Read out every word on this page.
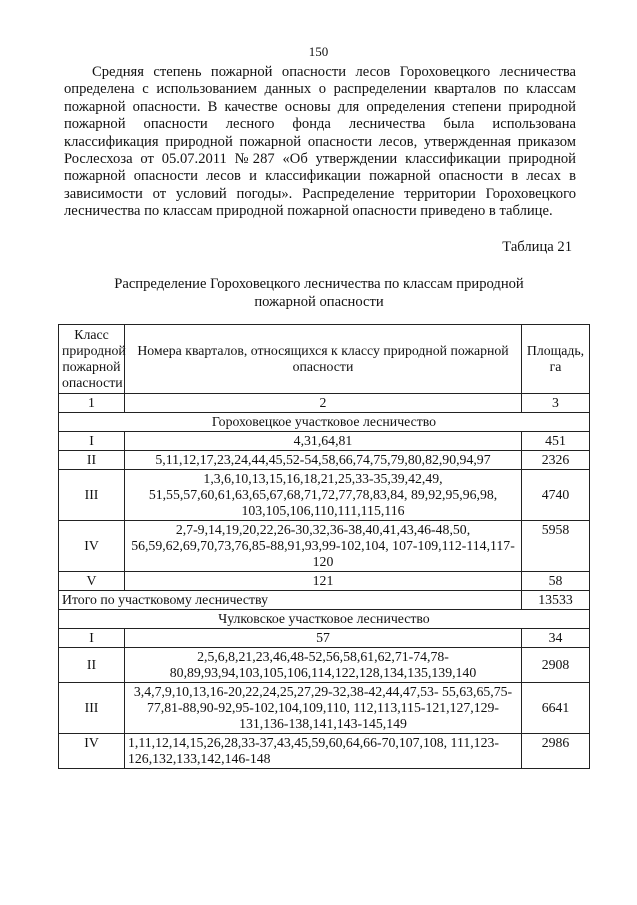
150

Средняя степень пожарной опасности лесов Гороховецкого лесничества определена с использованием данных о распределении кварталов по классам пожарной опасности. В качестве основы для определения степени природной пожарной опасности лесного фонда лесничества была использована классификация природной пожарной опасности лесов, утвержденная приказом Рослесхоза от 05.07.2011 №287 «Об утверждении классификации природной пожарной опасности лесов и классификации пожарной опасности в лесах в зависимости от условий погоды». Распределение территории Гороховецкого лесничества по классам природной пожарной опасности приведено в таблице.

Таблица 21
Распределение Гороховецкого лесничества по классам природной
пожарной опасности
Класс природной пожарной опасности	Номера кварталов, относящихся к классу природной пожарной опасности	Площадь, га
1	2	3
Гороховецкое участковое лесничество		
I	4,31,64,81	451
II	5,11,12,17,23,24,44,45,52-54,58,66,74,75,79,80,82,90,94,97	2326
III	1,3,6,10,13,15,16,18,21,25,33-35,39,42,49, 51,55,57,60,61,63,65,67,68,71,72,77,78,83,84, 89,92,95,96,98, 103,105,106,110,111,115,116	4740
IV	2,7-9,14,19,20,22,26-30,32,36-38,40,41,43,46-48,50, 56,59,62,69,70,73,76,85-88,91,93,99-102,104, 107-109,112-114,117-120	5958
V	121	58
Итого по участковому лесничеству		13533
Чулковское участковое лесничество		
I	57	34
II	2,5,6,8,21,23,46,48-52,56,58,61,62,71-74,78- 80,89,93,94,103,105,106,114,122,128,134,135,139,140	2908
III	3,4,7,9,10,13,16-20,22,24,25,27,29-32,38-42,44,47,53- 55,63,65,75-77,81-88,90-92,95-102,104,109,110, 112,113,115-121,127,129-131,136-138,141,143-145,149	6641
IV	1,11,12,14,15,26,28,33-37,43,45,59,60,64,66-70,107,108, 111,123-126,132,133,142,146-148	2986
